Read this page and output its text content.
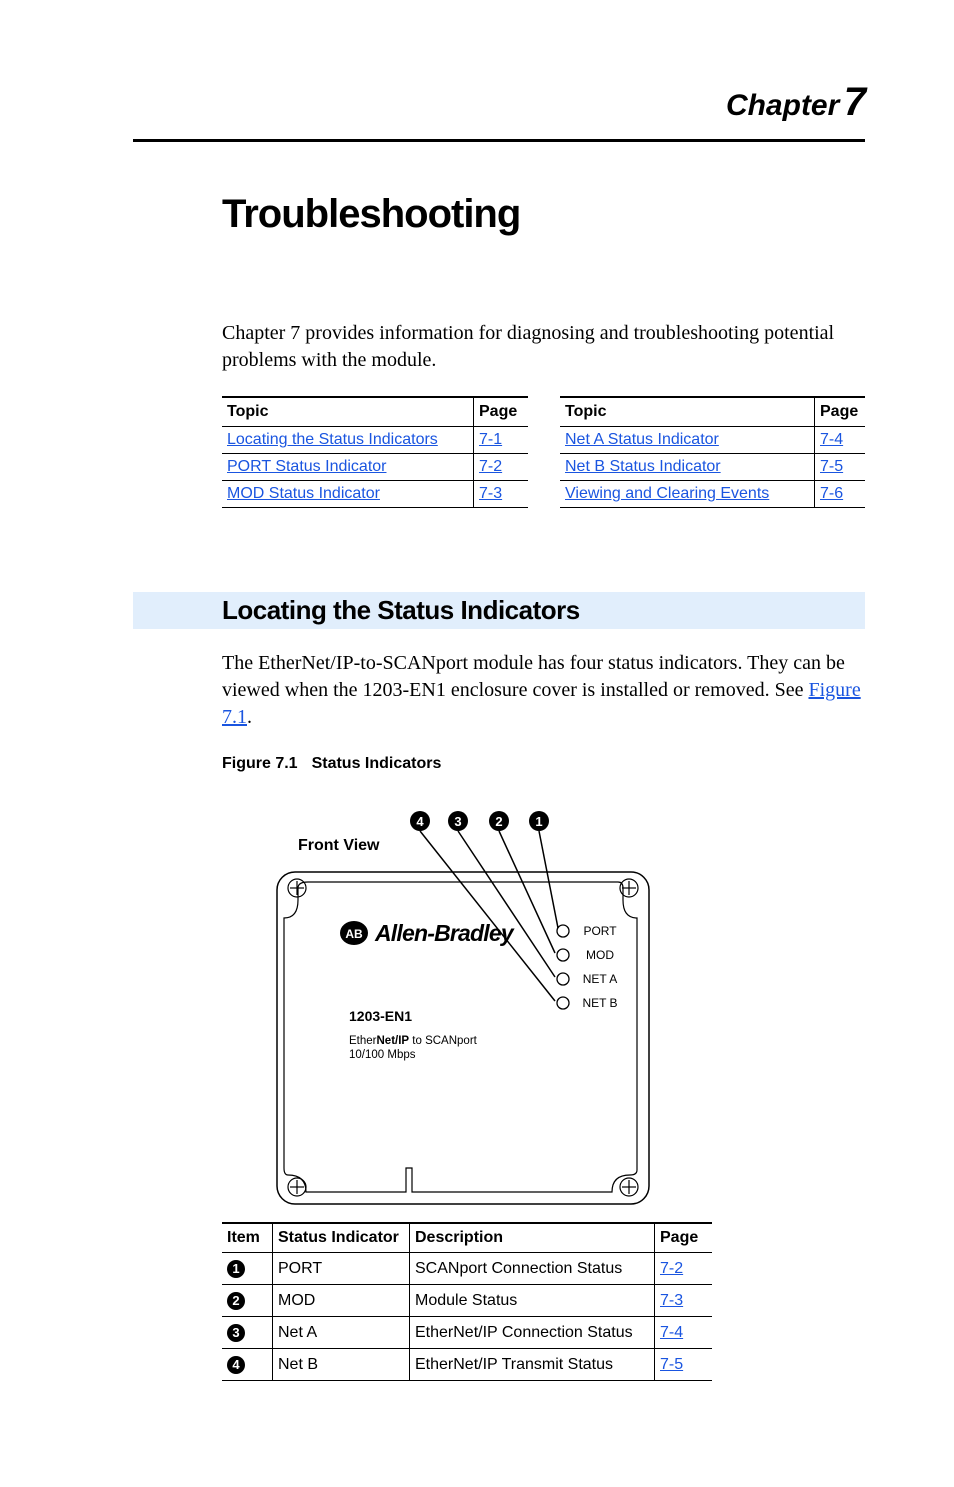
Chapter 7
Troubleshooting
Chapter 7 provides information for diagnosing and troubleshooting potential problems with the module.
Topic	Page
Locating the Status Indicators	7-1
PORT Status Indicator	7-2
MOD Status Indicator	7-3
Topic	Page
Net A Status Indicator	7-4
Net B Status Indicator	7-5
Viewing and Clearing Events	7-6
Locating the Status Indicators
The EtherNet/IP-to-SCANport module has four status indicators. They can be viewed when the 1203-EN1 enclosure cover is installed or removed. See Figure 7.1.
Figure 7.1 Status Indicators
4 3	2	1
Front View
AB Allen-Bradley
1203-EN1
EtherNet/IP to SCANport
10/100 Mbps
PORT
MOD
NET A
NET B
Item	Status Indicator	Description	Page
1	PORT	SCANport Connection Status	7-2
2	MOD	Module Status	7-3
3	Net A	EtherNet/IP Connection Status	7-4
4	Net B	EtherNet/IP Transmit Status	7-5
